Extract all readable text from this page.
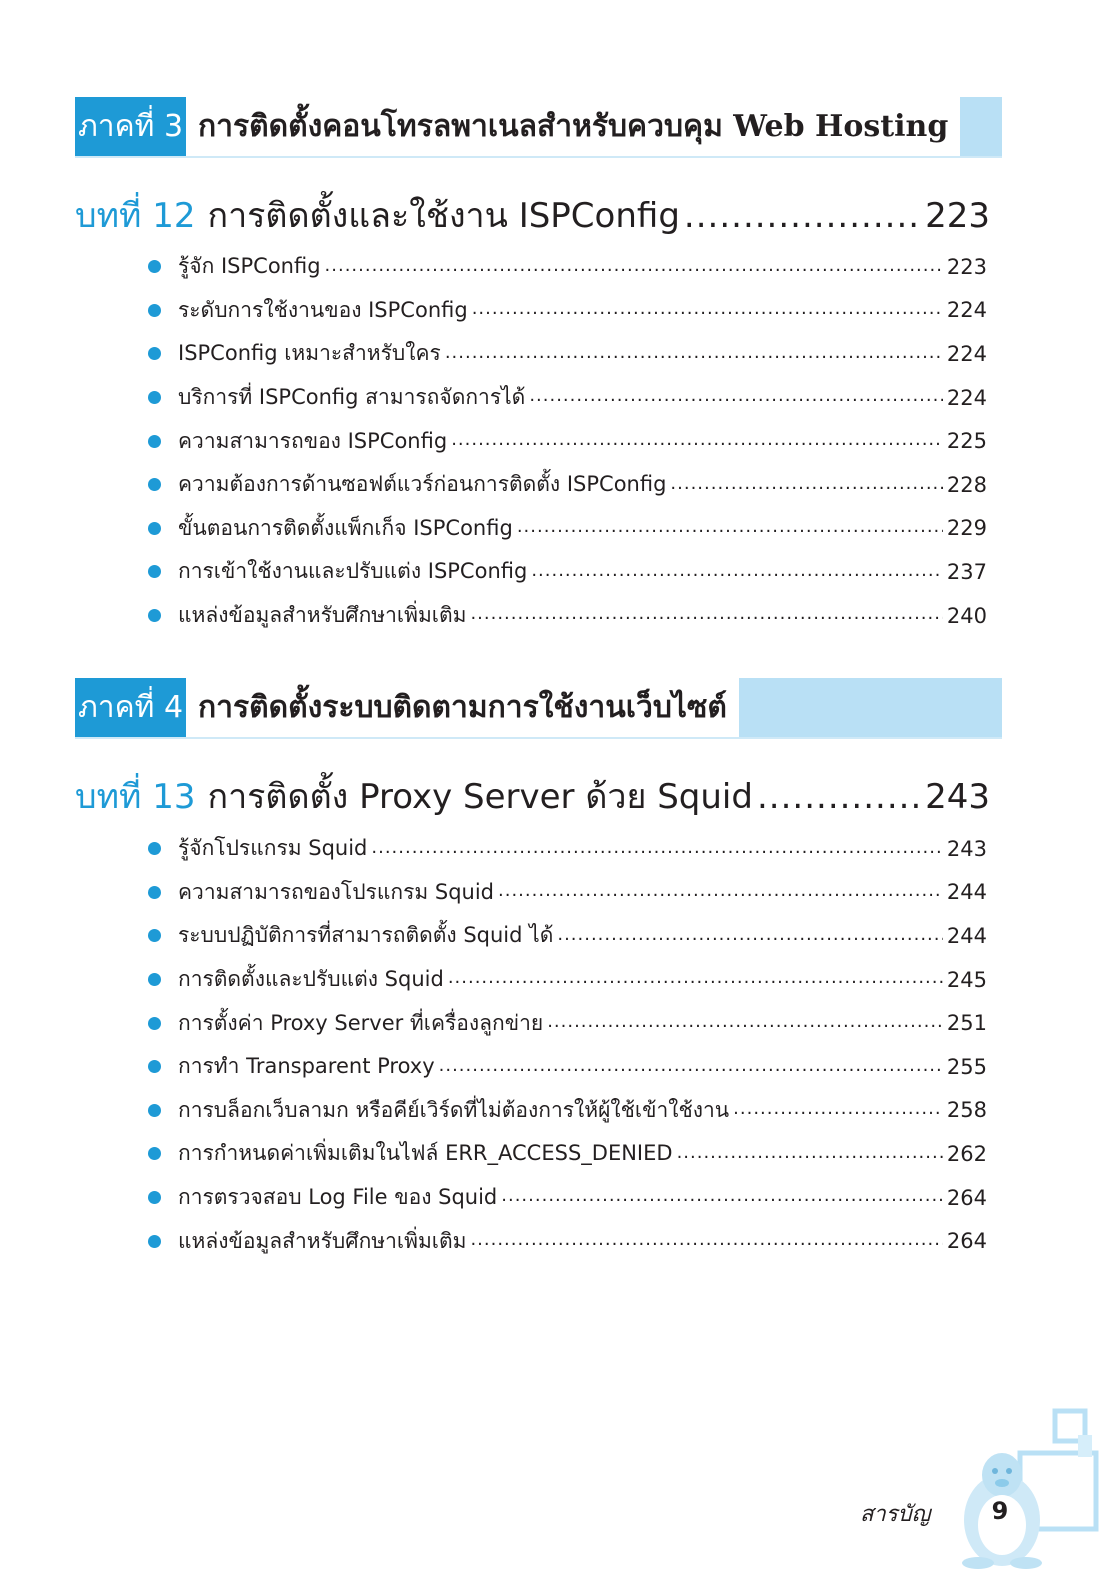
ภาคที่ 3 การติดตั้งคอนโทรลพาเนลสำหรับควบคุม Web Hosting
บทที่ 12 การติดตั้งและใช้งาน ISPConfig .....	223
รู้จัก ISPConfig .....	223
ระดับการใช้งานของ ISPConfig .....	224
ISPConfig เหมาะสำหรับใคร .....	224
บริการที่ ISPConfig สามารถจัดการได้ .....	224
ความสามารถของ ISPConfig .....	225
ความต้องการด้านซอฟต์แวร์ก่อนการติดตั้ง ISPConfig .....	228
ขั้นตอนการติดตั้งแพ็กเก็จ ISPConfig .....	229
การเข้าใช้งานและปรับแต่ง ISPConfig .....	237
แหล่งข้อมูลสำหรับศึกษาเพิ่มเติม .....	240
ภาคที่ 4 การติดตั้งระบบติดตามการใช้งานเว็บไซต์
บทที่ 13 การติดตั้ง Proxy Server ด้วย Squid .....	243
รู้จักโปรแกรม Squid .....	243
ความสามารถของโปรแกรม Squid .....	244
ระบบปฏิบัติการที่สามารถติดตั้ง Squid ได้ .....	244
การติดตั้งและปรับแต่ง Squid .....	245
การตั้งค่า Proxy Server ที่เครื่องลูกข่าย .....	251
การทำ Transparent Proxy .....	255
การบล็อกเว็บลามก หรือคีย์เวิร์ดที่ไม่ต้องการให้ผู้ใช้เข้าใช้งาน .....	258
การกำหนดค่าเพิ่มเติมในไฟล์ ERR_ACCESS_DENIED .....	262
การตรวจสอบ Log File ของ Squid .....	264
แหล่งข้อมูลสำหรับศึกษาเพิ่มเติม .....	264
สารบัญ	9
